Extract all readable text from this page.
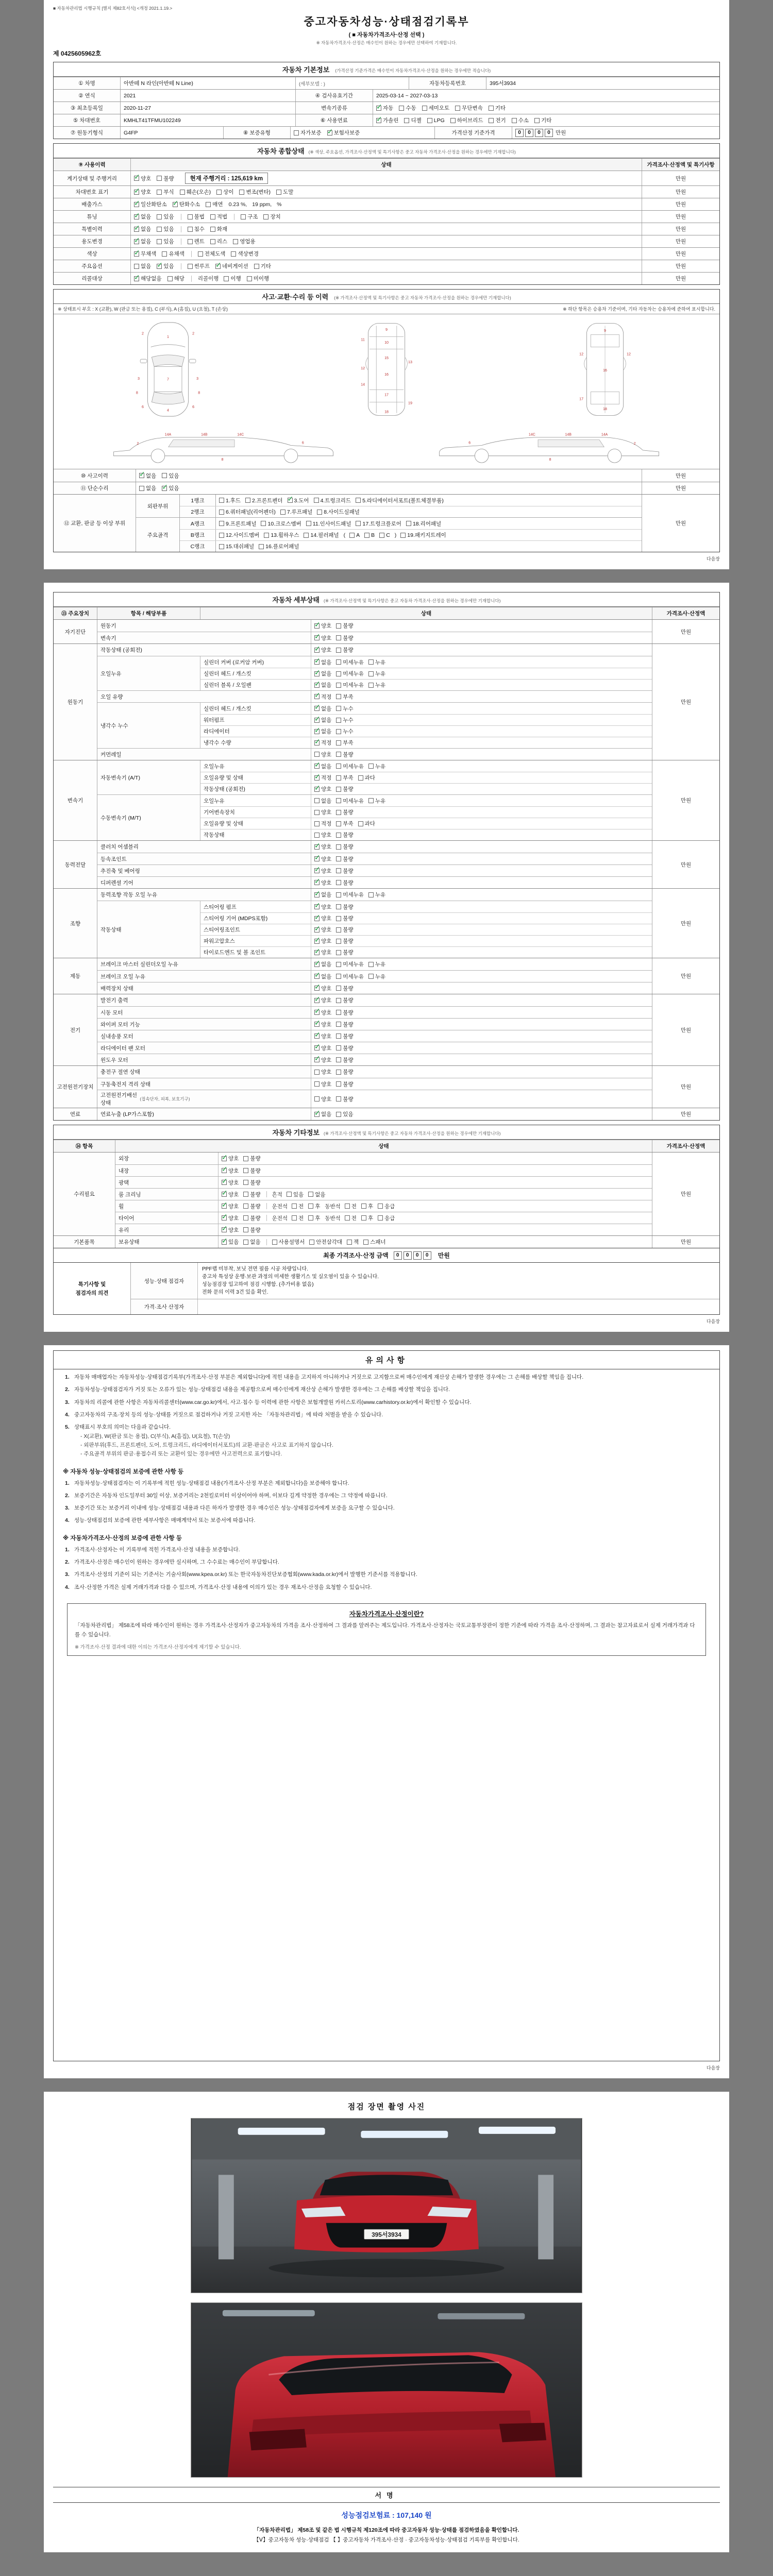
■ 자동차관리법 시행규칙 [별지 제82호서식] <개정 2021.1.19.>
중고자동차성능·상태점검기록부
( ■ 자동차가격조사·산정 선택 )
※ 자동차가격조사·산정은 매수인이 원하는 경우에만 선택하여 기재합니다.
제 0425605962호
자동차 기본정보 (가격산정 기준가격은 매수인이 자동차가격조사·산정을 원하는 경우에만 적습니다)
① 차명	아반떼 N 라인(아반떼 N Line)	(세부모델 : )	자동차등록번호	395서3934
② 연식	2021	④ 검사유효기간	2025-03-14 ~ 2027-03-13
③ 최초등록일	2020-11-27	변속기종류 ✓	자동 수동 세미오토 무단변속 기타
⑤ 차대번호	KMHLT41TFMU102249	⑥ 사용연료 ✓	가솔린 디젤 LPG 하이브리드 전기 수소 기타
⑦ 원동기형식	G4FP	⑧ 보증유형	자가보증 ✓ 보험사보증	가격산정 기준가격	0 0 0 0 만원
자동차 종합상태 (※ 색상, 주요옵션, 가격조사·산정액 및 특기사항은 중고 자동차 가격조사·산정을 원하는 경우에만 기재합니다)
⑨ 사용이력	상태	가격조사·산정액 및 특기사항
계기상태 및 주행거리 ✓	양호 불량	현재 주행거리 : 125,619 km	만원
차대번호 표기 ✓	양호 부식 훼손(오손) 상이 변조(변타) 도말	만원
배출가스 ✓	일산화탄소 ✓ 탄화수소 매연 0.23 %, 19 ppm, %	만원
튜닝 ✓	없음 있음	불법 적법	구조 장치	만원
특별이력 ✓	없음 있음	침수 화재	만원
용도변경 ✓	없음 있음	렌트 리스 영업용	만원
색상 ✓	무채색 유채색	전체도색 색상변경	만원
주요옵션	없음 ✓ 있음	썬루프 ✓ 네비게이션 기타	만원
리콜대상 ✓	해당없음 해당 리콜이행 이행 미이행	만원
사고·교환·수리 등 이력 (※ 가격조사·산정액 및 특기사항은 중고 자동차 가격조사·산정을 원하는 경우에만 기재합니다)
※ 상태표시 부호 : X (교환), W (판금 또는 용접), C (부식), A (흠집), U (요철), T (손상)	※ 하단 항목은 승용차 기준이며, 기타 자동차는 승용차에 준하여 표시합니다.
1
2	2
3	3
7
4
6	6
8	8
9
10
11
12
13
14
15
16
17
18
19
9
12	12
16
17
18
14A	14B	14C
8
2	6
14A
14B
14C
8
2
6
⑩ 사고이력 ✓	없음 있음	만원
⑪ 단순수리	없음 ✓ 있음	만원
⑫ 교환, 판금 등 이상 부위
외판부위
1랭크	1.후드 2.프론트펜더 ✓ 3.도어 4.트렁크리드 5.라디에이터서포트(볼트체결부품)
2랭크	6.쿼터패널(리어펜더) 7.루프패널 8.사이드실패널
주요골격
A랭크	9.프론트패널 10.크로스멤버 11.인사이드패널 17.트렁크플로어 18.리어패널
B랭크	12.사이드멤버 13.휠하우스 14.필러패널 ( A B C ) 19.패키지트레이
C랭크	15.대쉬패널 16.플로어패널
만원
다음장
자동차 세부상태 (※ 가격조사·산정액 및 특기사항은 중고 자동차 가격조사·산정을 원하는 경우에만 기재합니다)
⑬ 주요장치	항목 / 해당부품	상태	가격조사·산정액
자기진단
원동기 ✓	양호 불량
변속기 ✓	양호 불량
만원
원동기
작동상태 (공회전) ✓	양호 불량
오일누유
실린더 커버 (로커암 커버) ✓	없음 미세누유 누유
실린더 헤드 / 개스킷 ✓	없음 미세누유 누유
실린더 블록 / 오일팬 ✓	없음 미세누유 누유
오일 유량 ✓	적정 부족
냉각수 누수
실린더 헤드 / 개스킷 ✓	없음 누수
워터펌프 ✓	없음 누수
라디에이터 ✓	없음 누수
냉각수 수량 ✓	적정 부족
커먼레일	양호 불량
만원
변속기
자동변속기 (A/T)
오일누유 ✓	없음 미세누유 누유
오일유량 및 상태 ✓	적정 부족 과다
작동상태 (공회전) ✓	양호 불량
수동변속기 (M/T)
오일누유	없음 미세누유 누유
기어변속장치	양호 불량
오일유량 및 상태	적정 부족 과다
작동상태	양호 불량
만원
동력전달
클러치 어셈블리 ✓	양호 불량
등속조인트 ✓	양호 불량
추진축 및 베어링 ✓	양호 불량
디퍼렌셜 기어 ✓	양호 불량
만원
조향
동력조향 작동 오일 누유 ✓	없음 미세누유 누유
작동상태
스티어링 펌프 ✓	양호 불량
스티어링 기어 (MDPS포함) ✓	양호 불량
스티어링조인트 ✓	양호 불량
파워고압호스 ✓	양호 불량
타이로드엔드 및 볼 조인트 ✓	양호 불량
만원
제동
브레이크 마스터 실린더오일 누유 ✓	없음 미세누유 누유
브레이크 오일 누유 ✓	없음 미세누유 누유
배력장치 상태 ✓	양호 불량
만원
전기
발전기 출력 ✓	양호 불량
시동 모터 ✓	양호 불량
와이퍼 모터 기능 ✓	양호 불량
실내송풍 모터 ✓	양호 불량
라디에이터 팬 모터 ✓	양호 불량
윈도우 모터 ✓	양호 불량
만원
고전원전기장치
충전구 절연 상태	양호 불량
구동축전지 격리 상태	양호 불량
고전원전기배선 상태
(접속단자, 피복, 보호기구)	양호 불량
만원
연료	연료누출 (LP가스포함) ✓	없음 있음	만원
자동차 기타정보 (※ 가격조사·산정액 및 특기사항은 중고 자동차 가격조사·산정을 원하는 경우에만 기재합니다)
⑭ 항목	상태	가격조사·산정액
수리필요
외장 ✓	양호 불량
내장 ✓	양호 불량
광택 ✓	양호 불량
룸 크리닝 ✓	양호 불량 흔적 있음 없음
휠 ✓	양호 불량 운전석 전 후 동반석 전 후 응급
타이어 ✓	양호 불량 운전석 전 후 동반석 전 후 응급
유리 ✓	양호 불량
만원
기본품목	보유상태 ✓	있음 없음	사용설명서 안전삼각대 잭 스패너	만원
최종 가격조사·산정 금액	0 0 0 0	만원
특기사항 및
점검자의 의견
성능·상태 점검자
PPF랩 미부착, 보닛 전면 필름 시공 차량입니다.
중고차 특성상 운행·보관 과정의 미세한 생활기스 및 실오염이 있을 수 있습니다.
성능점검장 입고하여 점검 시행함. (추가비용 없음)
전화 문의 이력 3건 있음 확인.
가격·조사 산정자
다음장
유의사항
1. 자동차 매매업자는 자동차성능·상태점검기록부(가격조사·산정 부분은 제외합니다)에 적힌 내용을 고지하지 아니하거나 거짓으로 고지함으로써 매수인에게 재산상 손해가 발생한 경우에는 그 손해를 배상할 책임을 집니다.
2. 자동차성능·상태점검자가 거짓 또는 오류가 있는 성능·상태점검 내용을 제공함으로써 매수인에게 재산상 손해가 발생한 경우에는 그 손해를 배상할 책임을 집니다.
3. 자동차의 리콜에 관한 사항은 자동차리콜센터(www.car.go.kr)에서, 사고·침수 등 이력에 관한 사항은 보험개발원 카히스토리(www.carhistory.or.kr)에서 확인할 수 있습니다.
4. 중고자동차의 구조·장치 등의 성능·상태를 거짓으로 점검하거나 거짓 고지한 자는 「자동차관리법」에 따라 처벌을 받을 수 있습니다.
5. 상태표시 부호의 의미는 다음과 같습니다.
- X(교환), W(판금 또는 용접), C(부식), A(흠집), U(요철), T(손상)
- 외판부위(후드, 프론트펜더, 도어, 트렁크리드, 라디에이터서포트)의 교환·판금은 사고로 표기하지 않습니다.
- 주요골격 부위의 판금·용접수리 또는 교환이 있는 경우에만 사고전력으로 표기합니다.
※ 자동차 성능·상태점검의 보증에 관한 사항 등
1. 자동차성능·상태점검자는 이 기록부에 적힌 성능·상태점검 내용(가격조사·산정 부분은 제외합니다)을 보증해야 합니다.
2. 보증기간은 자동차 인도일부터 30일 이상, 보증거리는 2천킬로미터 이상이어야 하며, 이보다 길게 약정한 경우에는 그 약정에 따릅니다.
3. 보증기간 또는 보증거리 이내에 성능·상태점검 내용과 다른 하자가 발생한 경우 매수인은 성능·상태점검자에게 보증을 요구할 수 있습니다.
4. 성능·상태점검의 보증에 관한 세부사항은 매매계약서 또는 보증서에 따릅니다.
※ 자동차가격조사·산정의 보증에 관한 사항 등
1. 가격조사·산정자는 이 기록부에 적힌 가격조사·산정 내용을 보증합니다.
2. 가격조사·산정은 매수인이 원하는 경우에만 실시하며, 그 수수료는 매수인이 부담합니다.
3. 가격조사·산정의 기준이 되는 기준서는 기술사회(www.kpea.or.kr) 또는 한국자동차진단보증협회(www.kada.or.kr)에서 발행한 기준서를 적용합니다.
4. 조사·산정한 가격은 실제 거래가격과 다를 수 있으며, 가격조사·산정 내용에 이의가 있는 경우 재조사·산정을 요청할 수 있습니다.
자동차가격조사·산정이란?
「자동차관리법」 제58조에 따라 매수인이 원하는 경우 가격조사·산정자가 중고자동차의 가격을 조사·산정하여 그 결과를 알려주는 제도입니다. 가격조사·산정자는 국토교통부장관이 정한 기준에 따라 가격을 조사·산정하며, 그 결과는 참고자료로서 실제 거래가격과 다를 수 있습니다.
※ 가격조사·산정 결과에 대한 이의는 가격조사·산정자에게 제기할 수 있습니다.
다음장
점검 장면 촬영 사진
395서3934
서명
성능점검보험료 : 107,140 원
「자동차관리법」 제58조 및 같은 법 시행규칙 제120조에 따라 중고자동차 성능·상태를 점검하였음을 확인합니다.
【Ⅴ】중고자동차 성능·상태점검 【 】중고자동차 가격조사·산정 · 중고자동차성능·상태점검 기록부를 확인합니다.
